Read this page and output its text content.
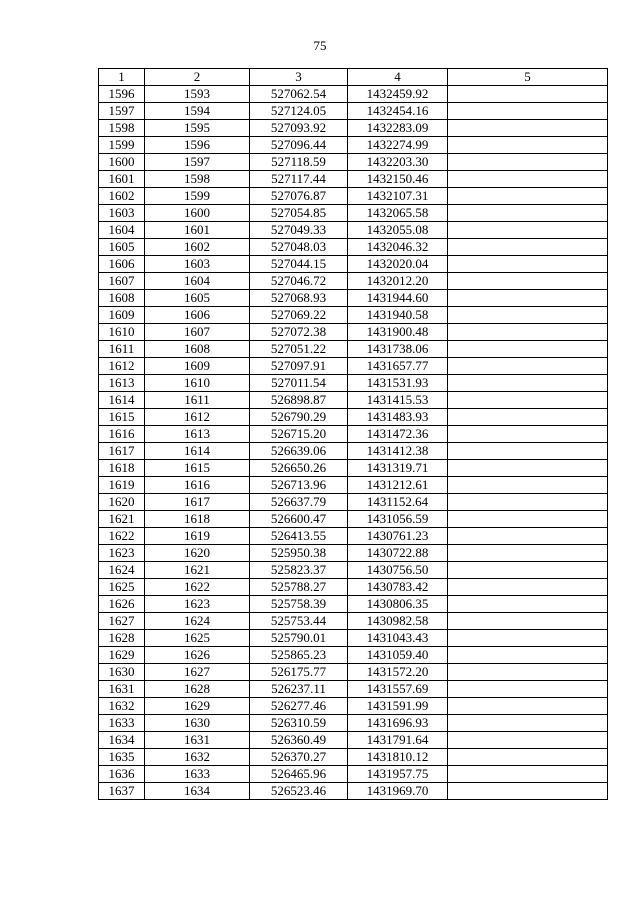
75
1	2	3	4	5
1596	1593	527062.54	1432459.92	
1597	1594	527124.05	1432454.16	
1598	1595	527093.92	1432283.09	
1599	1596	527096.44	1432274.99	
1600	1597	527118.59	1432203.30	
1601	1598	527117.44	1432150.46	
1602	1599	527076.87	1432107.31	
1603	1600	527054.85	1432065.58	
1604	1601	527049.33	1432055.08	
1605	1602	527048.03	1432046.32	
1606	1603	527044.15	1432020.04	
1607	1604	527046.72	1432012.20	
1608	1605	527068.93	1431944.60	
1609	1606	527069.22	1431940.58	
1610	1607	527072.38	1431900.48	
1611	1608	527051.22	1431738.06	
1612	1609	527097.91	1431657.77	
1613	1610	527011.54	1431531.93	
1614	1611	526898.87	1431415.53	
1615	1612	526790.29	1431483.93	
1616	1613	526715.20	1431472.36	
1617	1614	526639.06	1431412.38	
1618	1615	526650.26	1431319.71	
1619	1616	526713.96	1431212.61	
1620	1617	526637.79	1431152.64	
1621	1618	526600.47	1431056.59	
1622	1619	526413.55	1430761.23	
1623	1620	525950.38	1430722.88	
1624	1621	525823.37	1430756.50	
1625	1622	525788.27	1430783.42	
1626	1623	525758.39	1430806.35	
1627	1624	525753.44	1430982.58	
1628	1625	525790.01	1431043.43	
1629	1626	525865.23	1431059.40	
1630	1627	526175.77	1431572.20	
1631	1628	526237.11	1431557.69	
1632	1629	526277.46	1431591.99	
1633	1630	526310.59	1431696.93	
1634	1631	526360.49	1431791.64	
1635	1632	526370.27	1431810.12	
1636	1633	526465.96	1431957.75	
1637	1634	526523.46	1431969.70	
